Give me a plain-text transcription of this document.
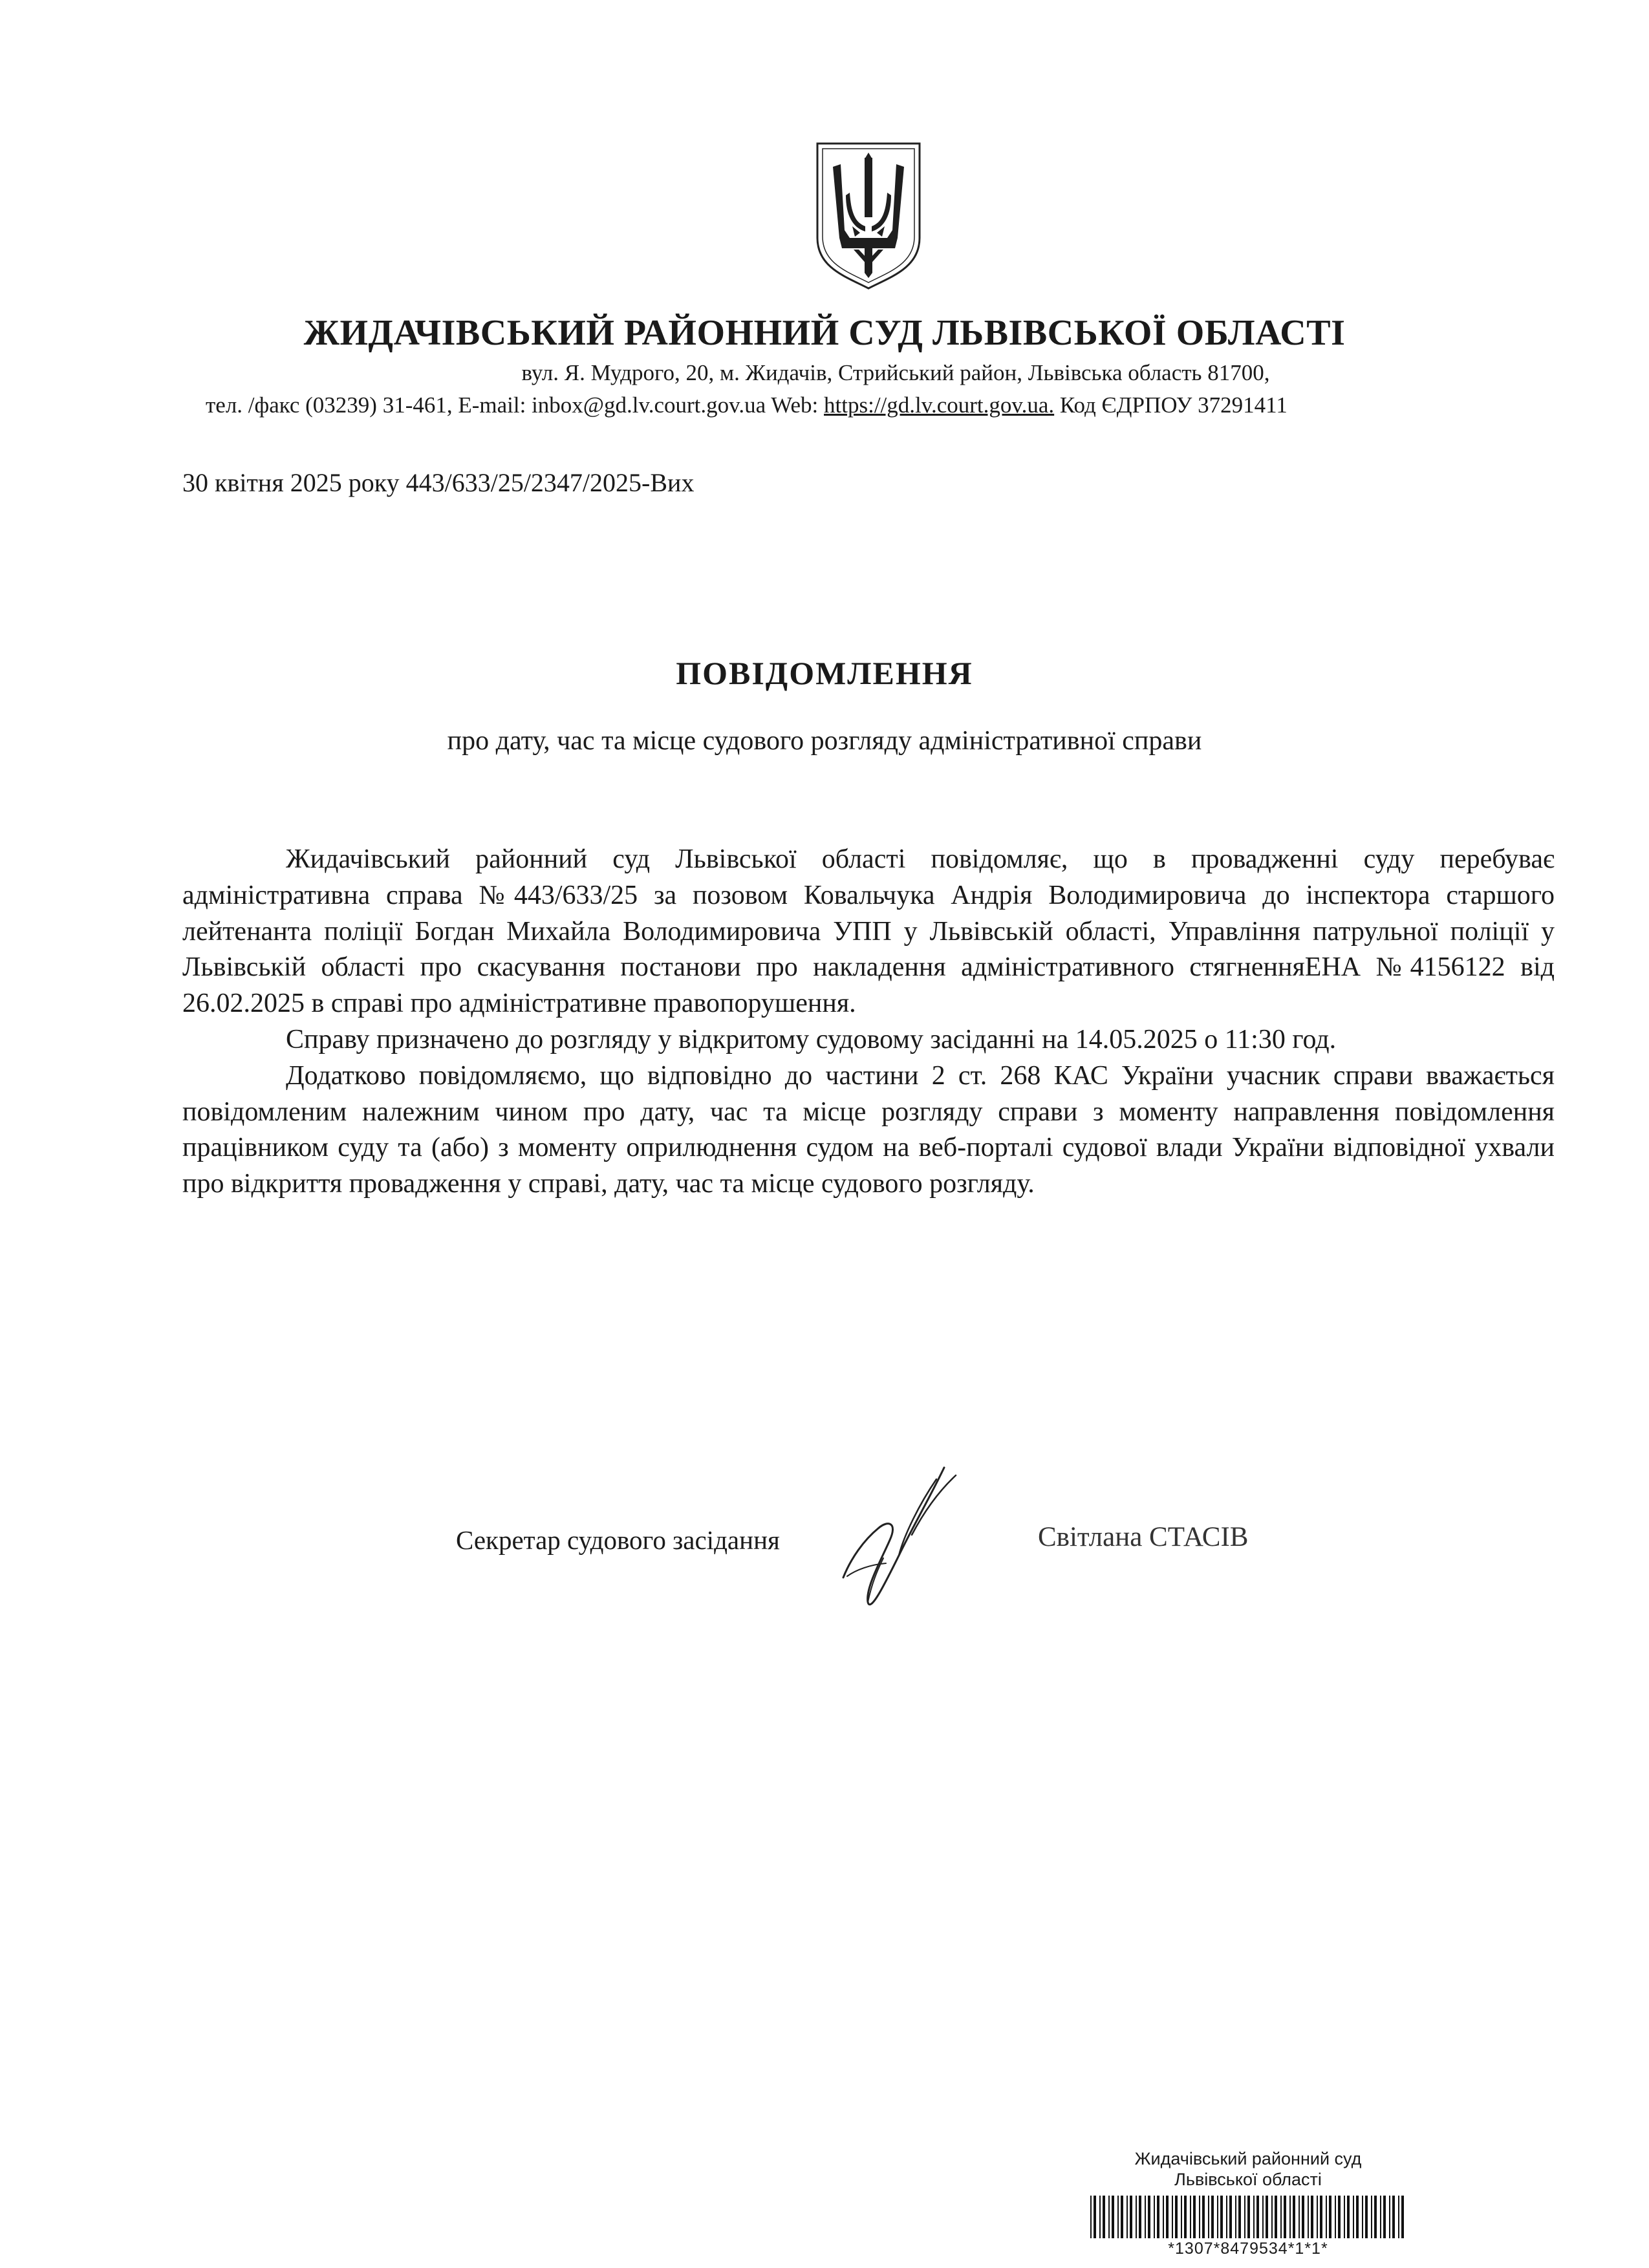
ЖИДАЧІВСЬКИЙ РАЙОННИЙ СУД ЛЬВІВСЬКОЇ ОБЛАСТІ
вул. Я. Мудрого, 20, м. Жидачів, Стрийський район, Львівська область 81700,
тел. /факс (03239) 31-461, E-mail: inbox@gd.lv.court.gov.ua Web: https://gd.lv.court.gov.ua. Код ЄДРПОУ 37291411
30 квітня 2025 року 443/633/25/2347/2025-Вих
ПОВІДОМЛЕННЯ
про дату, час та місце судового розгляду адміністративної справи

Жидачівський районний суд Львівської області повідомляє, що в провадженні суду перебуває адміністративна справа №443/633/25 за позовом Ковальчука Андрія Володимировича до інспектора старшого лейтенанта поліції Богдан Михайла Володимировича УПП у Львівській області, Управління патрульної поліції у Львівській області про скасування постанови про накладення адміністративного стягненняЕНА №4156122 від 26.02.2025 в справі про адміністративне правопорушення.

Справу призначено до розгляду у відкритому судовому засіданні на 14.05.2025 о 11:30 год.

Додатково повідомляємо, що відповідно до частини 2 ст. 268 КАС України учасник справи вважається повідомленим належним чином про дату, час та місце розгляду справи з моменту направлення повідомлення працівником суду та (або) з моменту оприлюднення судом на веб-порталі судової влади України відповідної ухвали про відкриття провадження у справі, дату, час та місце судового розгляду.

Секретар судового засідання	Світлана СТАСІВ
Жидачівський районний суд
Львівської області
*1307*8479534*1*1*
